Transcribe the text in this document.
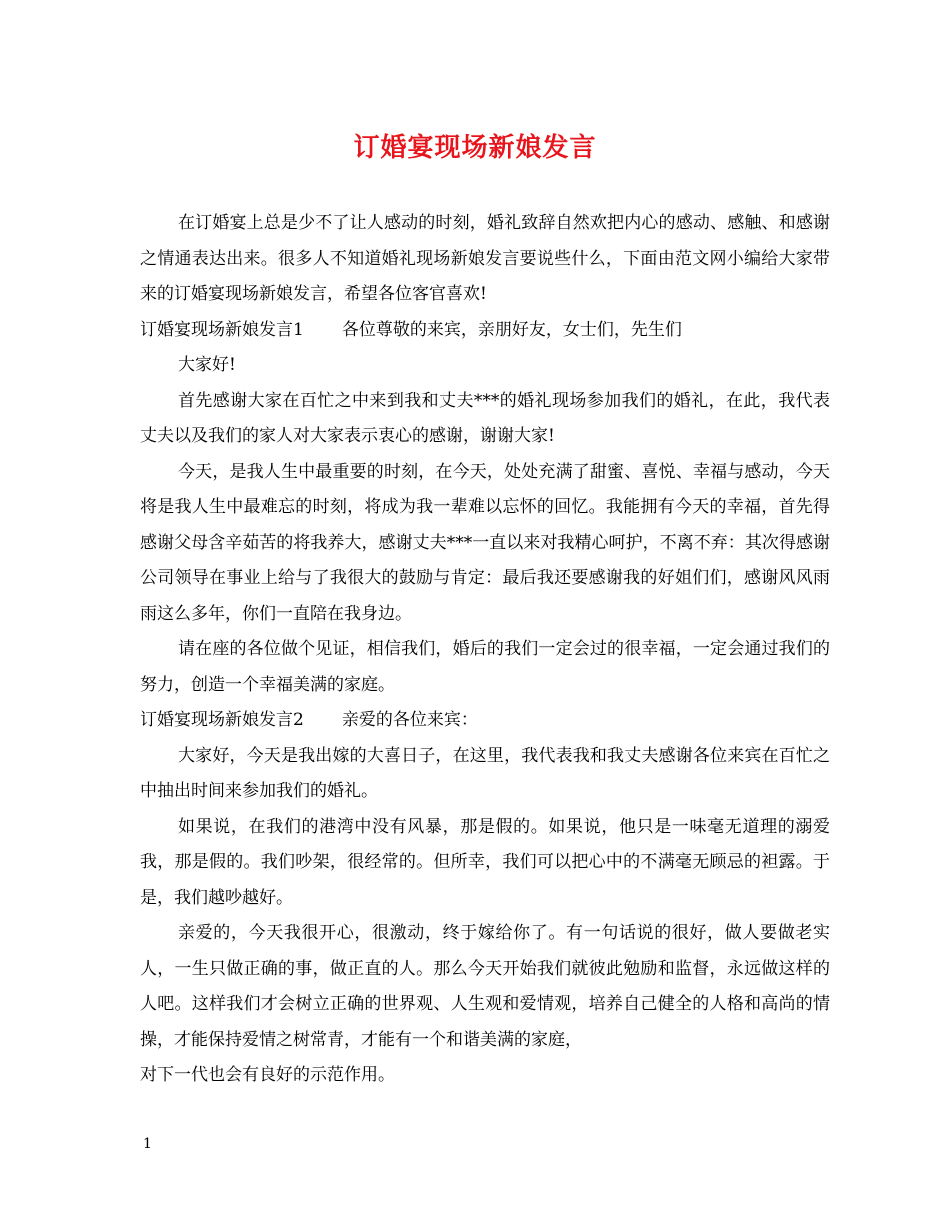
订婚宴现场新娘发言

在订婚宴上总是少不了让人感动的时刻，婚礼致辞自然欢把内心的感动、感触、和感谢之情通表达出来。很多人不知道婚礼现场新娘发言要说些什么，下面由范文网小编给大家带来的订婚宴现场新娘发言，希望各位客官喜欢!

订婚宴现场新娘发言1 各位尊敬的来宾，亲朋好友，女士们，先生们

大家好!

首先感谢大家在百忙之中来到我和丈夫***的婚礼现场参加我们的婚礼，在此，我代表丈夫以及我们的家人对大家表示衷心的感谢，谢谢大家!

今天，是我人生中最重要的时刻，在今天，处处充满了甜蜜、喜悦、幸福与感动，今天将是我人生中最难忘的时刻，将成为我一辈难以忘怀的回忆。我能拥有今天的幸福，首先得感谢父母含辛茹苦的将我养大，感谢丈夫***一直以来对我精心呵护，不离不弃：其次得感谢公司领导在事业上给与了我很大的鼓励与肯定：最后我还要感谢我的好姐们们，感谢风风雨雨这么多年，你们一直陪在我身边。

请在座的各位做个见证，相信我们，婚后的我们一定会过的很幸福，一定会通过我们的努力，创造一个幸福美满的家庭。

订婚宴现场新娘发言2 亲爱的各位来宾：

大家好，今天是我出嫁的大喜日子，在这里，我代表我和我丈夫感谢各位来宾在百忙之中抽出时间来参加我们的婚礼。

如果说，在我们的港湾中没有风暴，那是假的。如果说，他只是一味毫无道理的溺爱我，那是假的。我们吵架，很经常的。但所幸，我们可以把心中的不满毫无顾忌的袒露。于是，我们越吵越好。

亲爱的，今天我很开心，很激动，终于嫁给你了。有一句话说的很好，做人要做老实人，一生只做正确的事，做正直的人。那么今天开始我们就彼此勉励和监督，永远做这样的人吧。这样我们才会树立正确的世界观、人生观和爱情观，培养自己健全的人格和高尚的情操，才能保持爱情之树常青，才能有一个和谐美满的家庭，

对下一代也会有良好的示范作用。

1
